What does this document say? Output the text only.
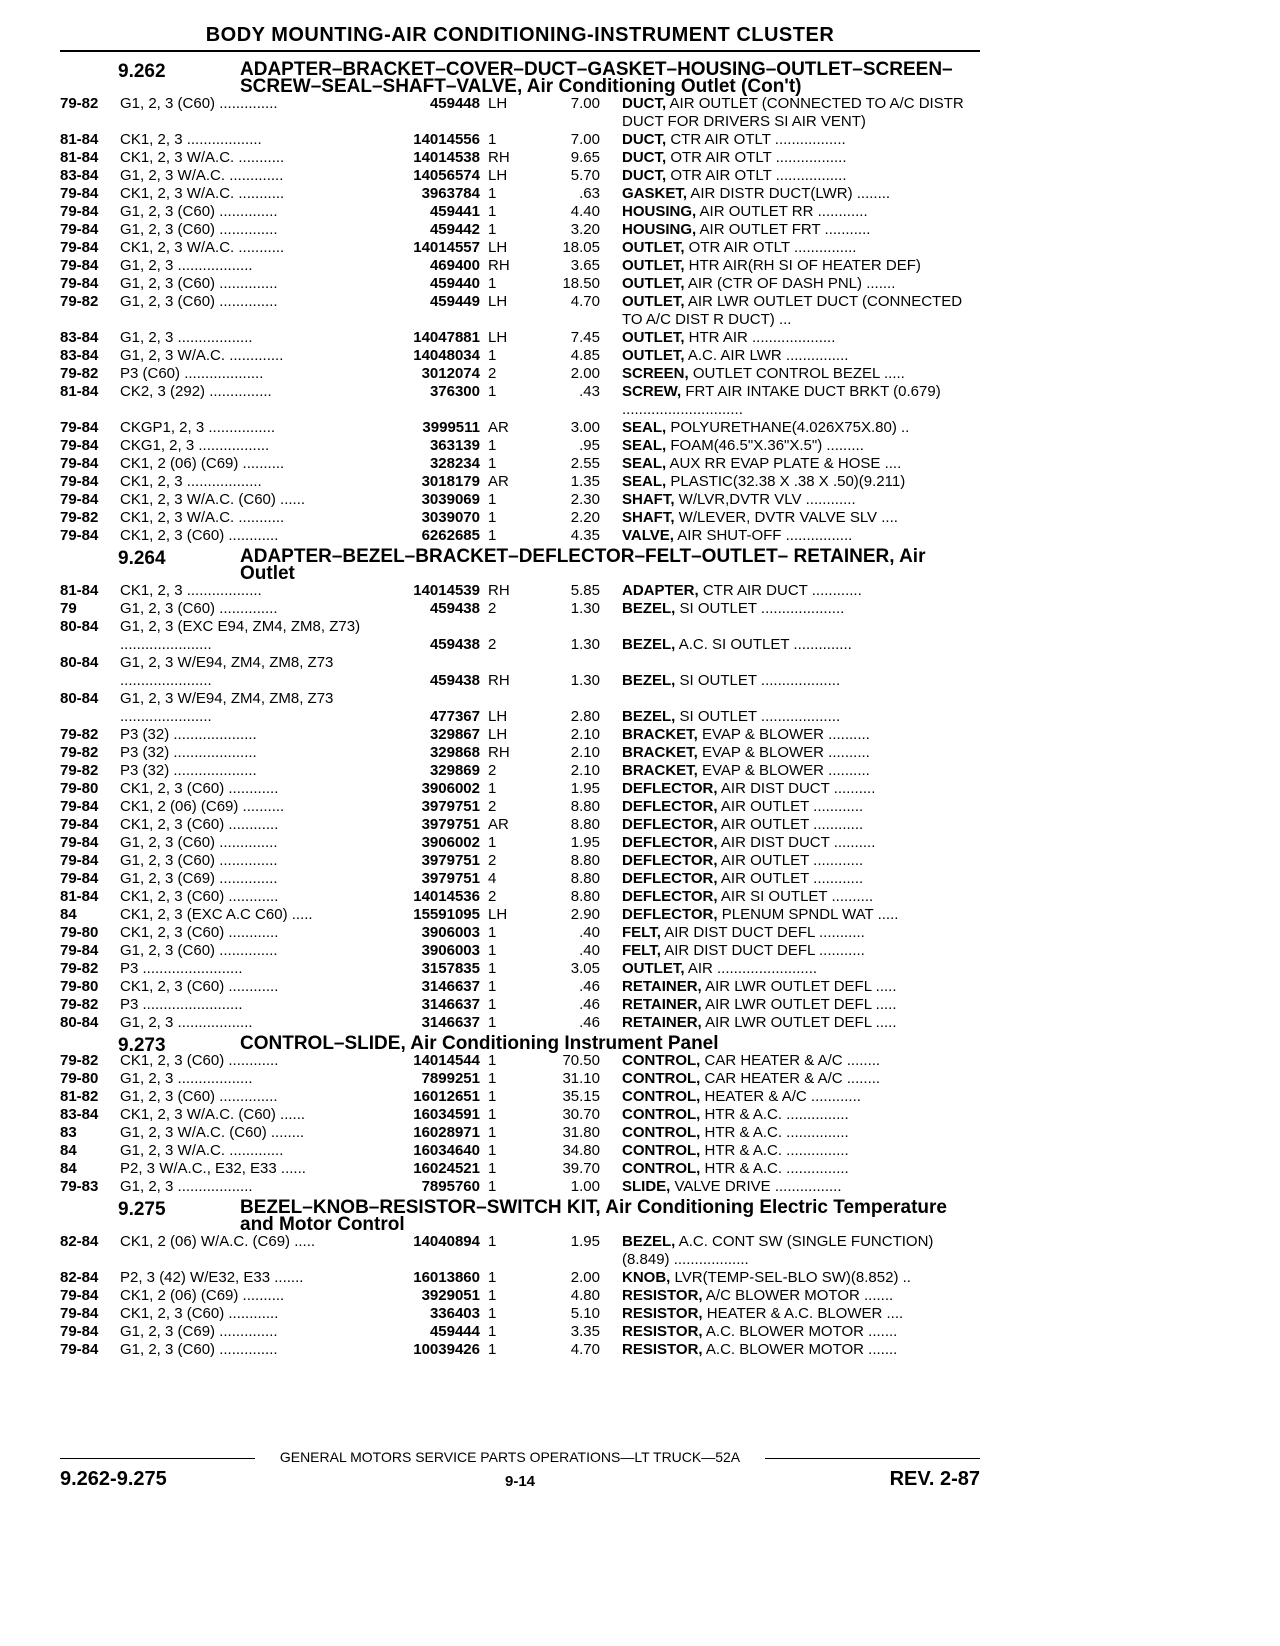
BODY MOUNTING-AIR CONDITIONING-INSTRUMENT CLUSTER
9.262	ADAPTER–BRACKET–COVER–DUCT–GASKET–HOUSING–OUTLET–SCREEN–SCREW–SEAL–SHAFT–VALVE, Air Conditioning Outlet (Con't)
79-82	G1, 2, 3 (C60) ..............	459448 LH	7.00 DUCT, AIR OUTLET (CONNECTED TO A/C DISTR DUCT FOR DRIVERS SI AIR VENT)
81-84	CK1, 2, 3 ..................	14014556 1	7.00 DUCT, CTR AIR OTLT .................
81-84	CK1, 2, 3 W/A.C. ...........	14014538 RH	9.65 DUCT, OTR AIR OTLT .................
83-84	G1, 2, 3 W/A.C. .............	14056574 LH	5.70 DUCT, OTR AIR OTLT .................
79-84	CK1, 2, 3 W/A.C. ...........	3963784 1	.63 GASKET, AIR DISTR DUCT(LWR) ........
79-84	G1, 2, 3 (C60) ..............	459441 1	4.40 HOUSING, AIR OUTLET RR ............
79-84	G1, 2, 3 (C60) ..............	459442 1	3.20 HOUSING, AIR OUTLET FRT ...........
79-84	CK1, 2, 3 W/A.C. ...........	14014557 LH	18.05 OUTLET, OTR AIR OTLT ...............
79-84	G1, 2, 3 ..................	469400 RH	3.65 OUTLET, HTR AIR(RH SI OF HEATER DEF)
79-84	G1, 2, 3 (C60) ..............	459440 1	18.50 OUTLET, AIR (CTR OF DASH PNL) .......
79-82	G1, 2, 3 (C60) ..............	459449 LH	4.70 OUTLET, AIR LWR OUTLET DUCT (CONNECTED TO A/C DIST R DUCT) ...
83-84	G1, 2, 3 ..................	14047881 LH	7.45 OUTLET, HTR AIR ....................
83-84	G1, 2, 3 W/A.C. .............	14048034 1	4.85 OUTLET, A.C. AIR LWR ...............
79-82	P3 (C60) ...................	3012074 2	2.00 SCREEN, OUTLET CONTROL BEZEL .....
81-84	CK2, 3 (292) ...............	376300 1	.43 SCREW, FRT AIR INTAKE DUCT BRKT (0.679) .............................
79-84	CKGP1, 2, 3 ................	3999511 AR	3.00 SEAL, POLYURETHANE(4.026X75X.80) ..
79-84	CKG1, 2, 3 .................	363139 1	.95 SEAL, FOAM(46.5"X.36"X.5") .........
79-84	CK1, 2 (06) (C69) ..........	328234 1	2.55 SEAL, AUX RR EVAP PLATE & HOSE ....
79-84	CK1, 2, 3 ..................	3018179 AR	1.35 SEAL, PLASTIC(32.38 X .38 X .50)(9.211)
79-84	CK1, 2, 3 W/A.C. (C60) ......	3039069 1	2.30 SHAFT, W/LVR,DVTR VLV ............
79-82	CK1, 2, 3 W/A.C. ...........	3039070 1	2.20 SHAFT, W/LEVER, DVTR VALVE SLV ....
79-84	CK1, 2, 3 (C60) ............	6262685 1	4.35 VALVE, AIR SHUT-OFF ................
9.264	ADAPTER–BEZEL–BRACKET–DEFLECTOR–FELT–OUTLET– RETAINER, Air Outlet
81-84	CK1, 2, 3 ..................	14014539 RH	5.85 ADAPTER, CTR AIR DUCT ............
79	G1, 2, 3 (C60) ..............	459438 2	1.30 BEZEL, SI OUTLET ....................
80-84	G1, 2, 3 (EXC E94, ZM4, ZM8, Z73) ......................	459438 2	1.30 BEZEL, A.C. SI OUTLET ..............
80-84	G1, 2, 3 W/E94, ZM4, ZM8, Z73 ......................	459438 RH	1.30 BEZEL, SI OUTLET ...................
80-84	G1, 2, 3 W/E94, ZM4, ZM8, Z73 ......................	477367 LH	2.80 BEZEL, SI OUTLET ...................
79-82	P3 (32) ....................	329867 LH	2.10 BRACKET, EVAP & BLOWER ..........
79-82	P3 (32) ....................	329868 RH	2.10 BRACKET, EVAP & BLOWER ..........
79-82	P3 (32) ....................	329869 2	2.10 BRACKET, EVAP & BLOWER ..........
79-80	CK1, 2, 3 (C60) ............	3906002 1	1.95 DEFLECTOR, AIR DIST DUCT ..........
79-84	CK1, 2 (06) (C69) ..........	3979751 2	8.80 DEFLECTOR, AIR OUTLET ............
79-84	CK1, 2, 3 (C60) ............	3979751 AR	8.80 DEFLECTOR, AIR OUTLET ............
79-84	G1, 2, 3 (C60) ..............	3906002 1	1.95 DEFLECTOR, AIR DIST DUCT ..........
79-84	G1, 2, 3 (C60) ..............	3979751 2	8.80 DEFLECTOR, AIR OUTLET ............
79-84	G1, 2, 3 (C69) ..............	3979751 4	8.80 DEFLECTOR, AIR OUTLET ............
81-84	CK1, 2, 3 (C60) ............	14014536 2	8.80 DEFLECTOR, AIR SI OUTLET ..........
84	CK1, 2, 3 (EXC A.C C60) .....	15591095 LH	2.90 DEFLECTOR, PLENUM SPNDL WAT .....
79-80	CK1, 2, 3 (C60) ............	3906003 1	.40 FELT, AIR DIST DUCT DEFL ...........
79-84	G1, 2, 3 (C60) ..............	3906003 1	.40 FELT, AIR DIST DUCT DEFL ...........
79-82	P3 ........................	3157835 1	3.05 OUTLET, AIR ........................
79-80	CK1, 2, 3 (C60) ............	3146637 1	.46 RETAINER, AIR LWR OUTLET DEFL .....
79-82	P3 ........................	3146637 1	.46 RETAINER, AIR LWR OUTLET DEFL .....
80-84	G1, 2, 3 ..................	3146637 1	.46 RETAINER, AIR LWR OUTLET DEFL .....
9.273	CONTROL–SLIDE, Air Conditioning Instrument Panel
79-82	CK1, 2, 3 (C60) ............	14014544 1	70.50 CONTROL, CAR HEATER & A/C ........
79-80	G1, 2, 3 ..................	7899251 1	31.10 CONTROL, CAR HEATER & A/C ........
81-82	G1, 2, 3 (C60) ..............	16012651 1	35.15 CONTROL, HEATER & A/C ............
83-84	CK1, 2, 3 W/A.C. (C60) ......	16034591 1	30.70 CONTROL, HTR & A.C. ...............
83	G1, 2, 3 W/A.C. (C60) ........	16028971 1	31.80 CONTROL, HTR & A.C. ...............
84	G1, 2, 3 W/A.C. .............	16034640 1	34.80 CONTROL, HTR & A.C. ...............
84	P2, 3 W/A.C., E32, E33 ......	16024521 1	39.70 CONTROL, HTR & A.C. ...............
79-83	G1, 2, 3 ..................	7895760 1	1.00 SLIDE, VALVE DRIVE ................
9.275	BEZEL–KNOB–RESISTOR–SWITCH KIT, Air Conditioning Electric Temperature and Motor Control
82-84	CK1, 2 (06) W/A.C. (C69) .....	14040894 1	1.95 BEZEL, A.C. CONT SW (SINGLE FUNCTION) (8.849) ..................
82-84	P2, 3 (42) W/E32, E33 .......	16013860 1	2.00 KNOB, LVR(TEMP-SEL-BLO SW)(8.852) ..
79-84	CK1, 2 (06) (C69) ..........	3929051 1	4.80 RESISTOR, A/C BLOWER MOTOR .......
79-84	CK1, 2, 3 (C60) ............	336403 1	5.10 RESISTOR, HEATER & A.C. BLOWER ....
79-84	G1, 2, 3 (C69) ..............	459444 1	3.35 RESISTOR, A.C. BLOWER MOTOR .......
79-84	G1, 2, 3 (C60) ..............	10039426 1	4.70 RESISTOR, A.C. BLOWER MOTOR .......
GENERAL MOTORS SERVICE PARTS OPERATIONS—LT TRUCK—52A
9.262-9.275	9-14	REV. 2-87
